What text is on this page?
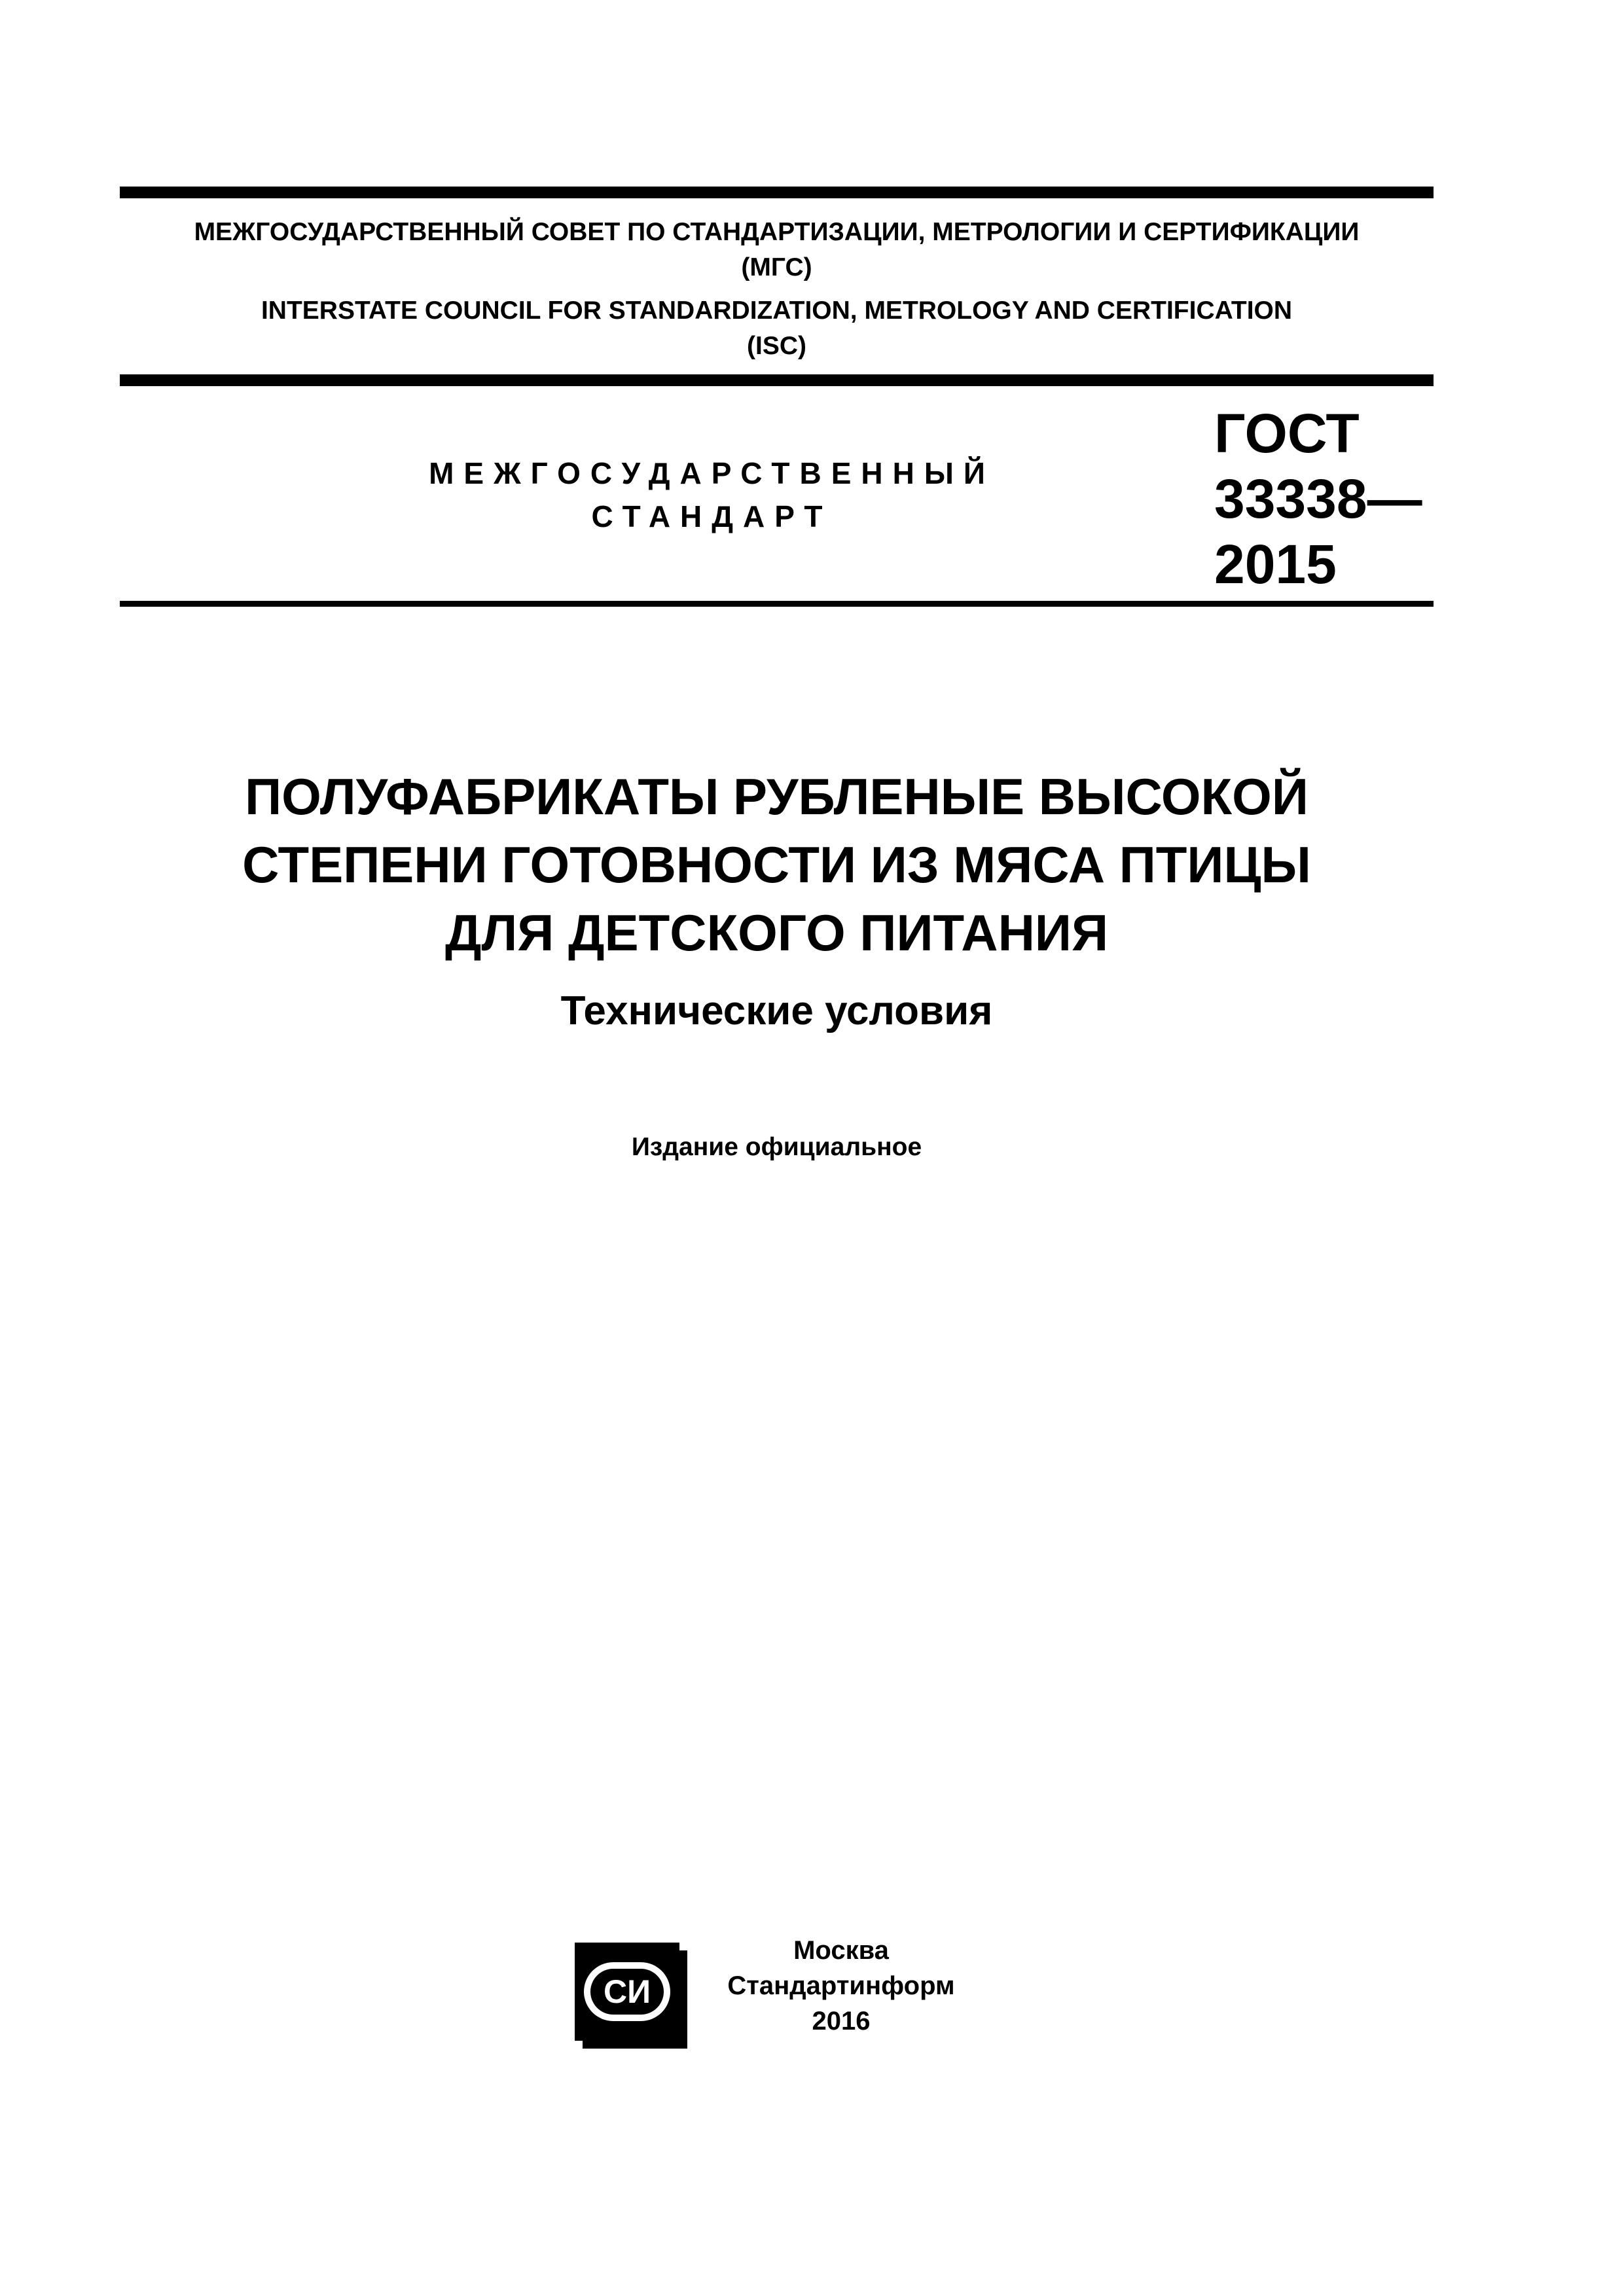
МЕЖГОСУДАРСТВЕННЫЙ СОВЕТ ПО СТАНДАРТИЗАЦИИ, МЕТРОЛОГИИ И СЕРТИФИКАЦИИ
(МГС)
INTERSTATE COUNCIL FOR STANDARDIZATION, METROLOGY AND CERTIFICATION
(ISC)
МЕЖГОСУДАРСТВЕННЫЙ
СТАНДАРТ
ГОСТ
33338—
2015
ПОЛУФАБРИКАТЫ РУБЛЕНЫЕ ВЫСОКОЙ
СТЕПЕНИ ГОТОВНОСТИ ИЗ МЯСА ПТИЦЫ
ДЛЯ ДЕТСКОГО ПИТАНИЯ
Технические условия
Издание официальное
СИ
Москва
Стандартинформ
2016
